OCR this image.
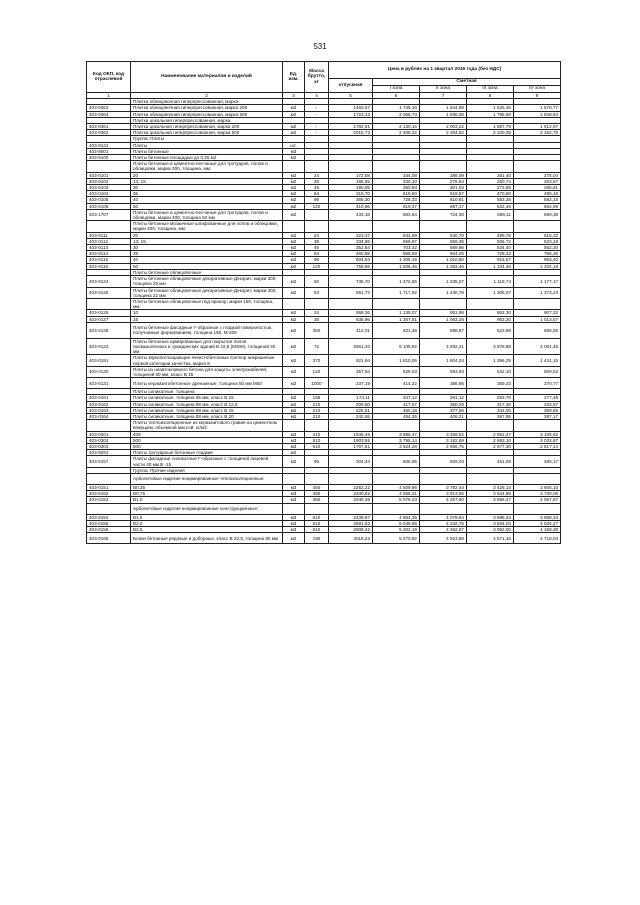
531
Код ОКП, код отраслевой	Наименование материалов и изделий	Ед. изм.	Масса брутто, кг	Цена в рублях на 1 квартал 2016 года (без НДС)				
				отпускная	Сметная			
					I зона	II зона	III зона	IV зона
1	2	3	4	5	6	7	8	9
	Плитка облицовочная гиперпрессованная, марка							
403-0363	Плитка облицовочная гиперпрессованная, марка 200	м2	-	1463,67	1 749,10	1 644,88	1 525,46	1 570,77
403-0364	Плитка облицовочная гиперпрессованная, марка 500	м2	-	1723,13	2 058,73	1 936,06	1 795,50	1 848,83
	Плитка цокольная гиперпрессованная, марка							
403-0361	Плитка цокольная гиперпрессованная, марка 200	м2	-	1782,91	2 130,16	2 003,22	1 857,79	1 912,97
403-0362	Плитка цокольная гиперпрессованная, марка 500	м2	-	2015,73	2 408,32	2 264,82	2 100,39	2 162,78
	Группа: Плиты							
403-9131	Плиты	шт.						
403-9001	Плиты бетонные	м3						
403-9100	Плиты бетонные площадью до 0,25 м2	м2						
	Плиты бетонные и цементно-песчаные для тротуаров, полов и облицовки, марки 300, толщина, мм:							
403-0101	20	м2	24	172,58	344,08	286,09	261,40	275,04
403-0102	13; 15	м2	35	165,65	330,10	276,64	250,74	263,87
403-0103	30	м2	49	180,05	350,94	301,03	272,65	286,81
403-0104	35	м2	84	310,70	619,50	519,57	470,60	495,16
403-0105	40	м2	96	365,30	728,33	610,81	553,28	582,15
403-0106	50	м2	120	410,96	819,37	687,17	622,46	654,99
403-1707	Плиты бетонные и цементно-песчаные для тротуаров, полов и облицовки, марки 400, толщина 50 мм	м2		433,18	863,64	724,30	656,11	690,38
	Плиты бетонные мозаичные шлифованные для полов и облицовки, марки 400, толщина, мм:							
403-0111	20	м2	24	323,37	644,69	540,70	489,75	515,32
403-0112	13; 15	м2	35	334,65	666,97	559,35	506,72	533,18
403-0113	30	м2	46	352,84	703,42	589,96	534,40	562,30
403-0114	35	м2	84	460,68	858,69	604,05	728,33	766,36
403-0115	40	м2	96	604,53	1 205,19	1 010,80	915,57	963,40
403-0116	50	м2	120	755,66	1 506,46	1 263,46	1 144,46	1 204,18
	Плиты бетонные облицовочные							
403-0124	Плиты бетонные облицовочные декоративные Декорит, марки 300, толщина 25 мм	м2	60	736,70	1 472,65	1 235,07	1 118,74	1 177,17
403-0125	Плиты бетонные облицовочные декоративные Декорит, марки 300, толщина 22 мм	м2	53	861,73	1 717,92	1 440,78	1 305,07	1 373,23
	Плиты бетонные облицовочные под иранор, марки 150, толщина, мм:							
403-0126	10	м2	24	569,36	1 135,07	951,96	862,30	907,32
403-0127	15	м2	35	635,96	1 267,81	1 063,28	963,20	1 013,57
403-2128	Плиты бетонные фасадные Г-образные с гладкой поверхностью, получаемые формованием, толщина 150, М-200	м2	350	412,01	821,38	688,87	623,98	656,56
403-0123	Плиты бетонные армированные для покрытия полов промышленных и гражданских зданий В 22,5 (М300), толщиной 30 мм	м2	72	2561,20	5 105,92	4 282,21	3 878,88	4 081,46
403-0191	Плиты звукопоглощающие ячеистобетонные Силпор некрашеные первой категории качества, марка 8	м2	370	921,94	1 810,05	1 504,04	1 396,29	1 441,15
403-0130	Плиты из неавтоклавного бетона для защиты электрокабелей, толщиной 50 мм, класс В 15	м2	120	357,94	625,03	583,93	542,10	559,52
403-0131	Плиты керамзитобетонные дренажные, толщина 50 мм М50	м2	1000	237,19	414,22	386,95	359,23	370,77
	Плиты силикатные, толщина							
403-0161	Плиты силикатные, толщина 65 мм, класс В 15	м2	156	174,11	347,12	291,12	263,70	277,48
403-0162	Плиты силикатные, толщина 88 мм, класс В 12,5	м2	210	209,50	417,67	350,29	317,30	333,87
403-0163	Плиты силикатные, толщина 88 мм, класс В 15	м2	210	225,61	450,18	377,56	342,00	359,86
403-0164	Плиты силикатные, толщина 88 мм, класс В 20	м2	210	242,65	484,35	406,21	367,95	387,17
	Плиты теплоизоляционные из керамзитового гравия на цементном вяжущем, объемной массой, кг/м3:							
403-0301	400	м3	410	1949,46	3 886,47	3 259,52	2 952,47	3 106,62
403-0302	500	м3	510	1903,55	3 795,14	3 182,69	2 883,10	3 033,67
403-0303	600	м3	610	1767,81	3 524,28	2 955,75	2 677,30	2 817,14
403-9291	Плиты тротуарные бетонные гладкие	м2						
403-0157	Плиты фасадные силикатные Г-образные с толщиной лицевой части 40 мм В -15	м2	95	304,44	606,95	509,03	461,09	485,17
	Группа: Прочие изделия							
	Арболитовые изделия неармированные теплоизоляционные:							
403-0151	В0,35	м3	450	2262,22	4 509,96	3 782,44	3 426,13	3 605,10
403-0152	В0,75	м3	450	2340,62	4 666,31	3 913,55	3 544,89	3 730,05
403-0153	В1,0	м3	450	2546,38	5 076,43	4 257,50	3 856,47	4 057,87
	Арболитовые изделия неармированные конструкционные:							
403-0154	В1,5	м3	610	2439,97	4 864,35	4 079,64	3 695,34	3 888,34
403-0155	В2,0	м3	610	2591,53	5 046,85	4 232,75	3 834,03	4 034,27
403-0156	В2,5	м3	610	2609,42	5 202,19	4 362,87	3 952,00	4 158,38
403-0165	Блоки бетонные рядовые и доборные, класс В 22,5, толщина 80 мм	м2	190	3018,23	5 270,92	4 923,88	4 571,16	4 718,04
